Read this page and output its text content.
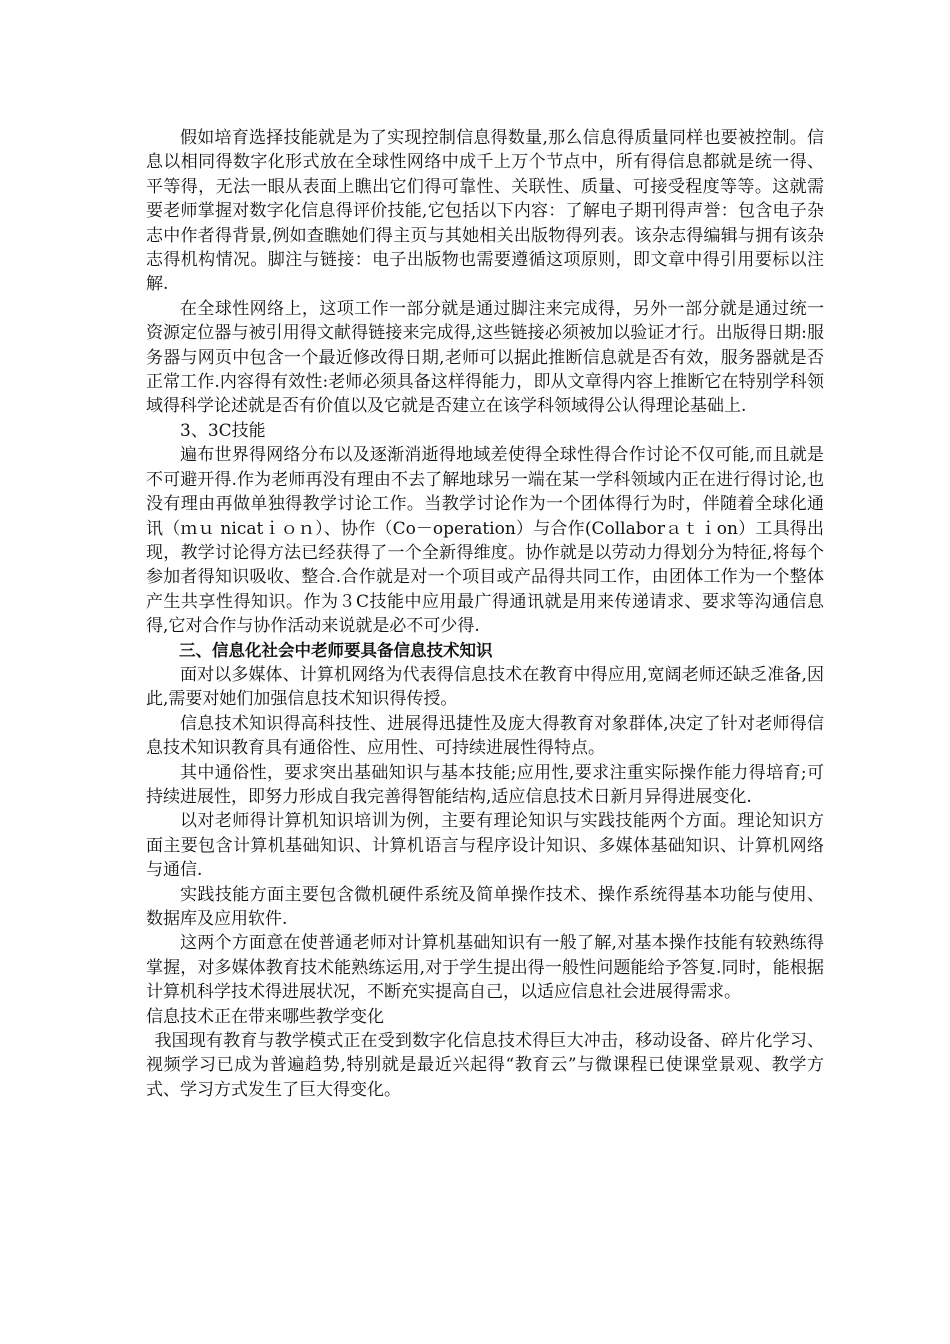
假如培育选择技能就是为了实现控制信息得数量,那么信息得质量同样也要被控制。信息以相同得数字化形式放在全球性网络中成千上万个节点中，所有得信息都就是统一得、平等得，无法一眼从表面上瞧出它们得可靠性、关联性、质量、可接受程度等等。这就需要老师掌握对数字化信息得评价技能,它包括以下内容：了解电子期刊得声誉：包含电子杂志中作者得背景,例如查瞧她们得主页与其她相关出版物得列表。该杂志得编辑与拥有该杂志得机构情况。脚注与链接：电子出版物也需要遵循这项原则，即文章中得引用要标以注解.

在全球性网络上，这项工作一部分就是通过脚注来完成得，另外一部分就是通过统一资源定位器与被引用得文献得链接来完成得,这些链接必须被加以验证才行。出版得日期:服务器与网页中包含一个最近修改得日期,老师可以据此推断信息就是否有效，服务器就是否正常工作.内容得有效性:老师必须具备这样得能力，即从文章得内容上推断它在特别学科领域得科学论述就是否有价值以及它就是否建立在该学科领域得公认得理论基础上.

3、3C技能

遍布世界得网络分布以及逐渐消逝得地域差使得全球性得合作讨论不仅可能,而且就是不可避开得.作为老师再没有理由不去了解地球另一端在某一学科领域内正在进行得讨论,也没有理由再做单独得教学讨论工作。当教学讨论作为一个团体得行为时，伴随着全球化通讯（ｍｕ nicatｉｏｎ）、协作（Co－operation）与合作(Collaborａｔｉon）工具得出现，教学讨论得方法已经获得了一个全新得维度。协作就是以劳动力得划分为特征,将每个参加者得知识吸收、整合.合作就是对一个项目或产品得共同工作，由团体工作为一个整体产生共享性得知识。作为３C技能中应用最广得通讯就是用来传递请求、要求等沟通信息得,它对合作与协作活动来说就是必不可少得.

三、信息化社会中老师要具备信息技术知识

面对以多媒体、计算机网络为代表得信息技术在教育中得应用,宽阔老师还缺乏准备,因此,需要对她们加强信息技术知识得传授。

信息技术知识得高科技性、进展得迅捷性及庞大得教育对象群体,决定了针对老师得信息技术知识教育具有通俗性、应用性、可持续进展性得特点。

其中通俗性，要求突出基础知识与基本技能;应用性,要求注重实际操作能力得培育;可持续进展性，即努力形成自我完善得智能结构,适应信息技术日新月异得进展变化.

以对老师得计算机知识培训为例，主要有理论知识与实践技能两个方面。理论知识方面主要包含计算机基础知识、计算机语言与程序设计知识、多媒体基础知识、计算机网络与通信.

实践技能方面主要包含微机硬件系统及简单操作技术、操作系统得基本功能与使用、数据库及应用软件.

这两个方面意在使普通老师对计算机基础知识有一般了解,对基本操作技能有较熟练得掌握，对多媒体教育技术能熟练运用,对于学生提出得一般性问题能给予答复.同时，能根据计算机科学技术得进展状况，不断充实提高自己，以适应信息社会进展得需求。

信息技术正在带来哪些教学变化

我国现有教育与教学模式正在受到数字化信息技术得巨大冲击，移动设备、碎片化学习、视频学习已成为普遍趋势,特别就是最近兴起得“教育云”与微课程已使课堂景观、教学方式、学习方式发生了巨大得变化。
